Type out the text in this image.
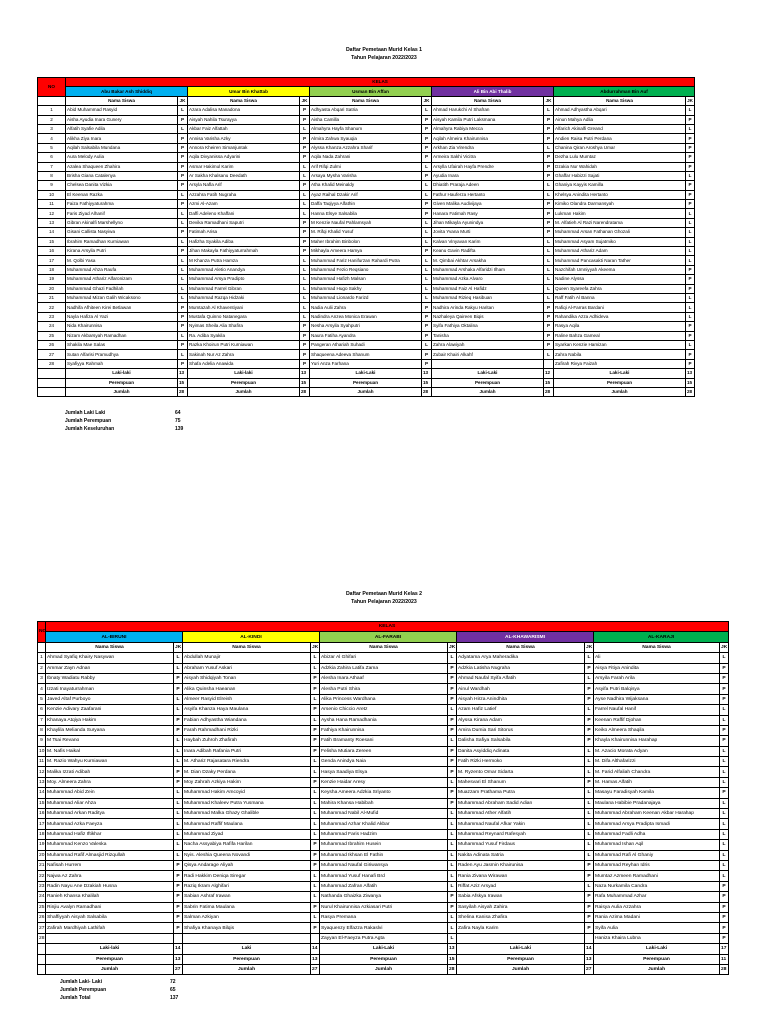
Daftar Pemetaan Murid Kelas 1
Tahun Pelajaran 2022/2023
NO	KELAS									
	Abu Bakar Ash Shiddiq		Umar Bin Khattab		Usman Bin Affan		Ali Bin Abi Thalib		Abdurrahman Bin Auf	
	Nama Siswa	JK	Nama Siswa	JK	Nama Siswa	JK	Nama Siswa	JK	Nama Siswa	JK
1	Abid Muhammad Rasyid	L	Azara Adalisa Manadona	P	Adhyasta Abqari Satria	L	Ahmad Harukchi Al Shafran	L	Ahmad Adhyastha Abqari	L
2	Aisha Ayudia Inara Gunery	P	Aisyah Nahila Tsurayya	P	Aisha Camilla	P	Aisyah Kamila Putri Laksmana	P	Ainun Mahya Adlia	P
3	Alfatih Syafie Adila	L	Akbar Faiz Alfattah	L	Almahyra Hayfa Shanum	P	Almahyra Rabiya Mecca	P	Alfarich Akinalfi Greand	L
4	Alikha Ziya Inara	P	Annisa Varisha Azky	P	Almira Zahwa Syauqia	P	Aqilah Almeira Khairunnisa	P	Andien Raisa Putri Perdana	P
5	Aqilah Salsabila Mundana	P	Annora Kheiren Simanjuntak	P	Alyssa Khanza Azzahra Sharif	P	Arkhan Zia Virendra	L	Chanina Qiran Aroshya Umar	P
6	Aura Melody Aulia	P	Aqila Divyanissa Adyarini	P	Aqila Nada Zahrani	P	Armeira Sakhi Vicitra	P	Dezha Lulu Mumtaz	P
7	Azalea Shaqueen Zhahira	P	Asmar Hakimul Karim	L	Arif Rifqi Zulmi	L	Arsylla Ufairah Hayfa Prendre	P	Dzakia Nur Wahidah	P
8	Brisha Giana Catalenya	P	Ar Sakha Khalsanu Deedath	L	Arsaya Mysha Varisha	P	Ayudia Inara	P	Ghaffar Habizzi Sajati	L
9	Chelsea Danita Vizkia	P	Arsyla Nafla Arif	P	Atha Khalid Meinaldy	L	Dhiatith Praraja Adeen	L	Ghaniya Kayyis Kamilla	P
10	El Keenan Razka	L	Azzahra Fatih Nugraha	L	Ayaz Raihal Dzakir Arif	L	Fathur Hauferza Hertanto	L	Khelsya Anindita Hertanto	P
11	Faiza Fathiyyaturahma	P	Azmi Al-Azam	L	Daffa Taqiyya Alfathin	P	Given Malika Audivijaya	P	Kimiko Olandra Darmansyah	P
12	Faris Ziyad Alhanif	L	Daffi Adeleno Khaffani	L	Hanna Elsye Salsabila	P	Hanara Fatimah Rasy	P	Lukman Hakim	L
13	Gibran Akinalfi Marshellyno	L	Devika Ramadhani Saputri	P	M Kenzie Naufal Pahlamsyah	L	Jihan Mikayla Ayunindya	P	M. Alfatieh Al Razi Narendratama	L
14	Gisani Callista Nasyiwa	P	Fatimah Arisa	P	M. Rifqi Khalid Yusuf	L	Jovita Yvana Murti	P	Muhammad Arsan Fathanan Ghozali	L
15	Ibrahim Ramadhan Kurniawan	L	Hafizha Syakila Adiba	P	Maher Ibrahim Binbolon	L	Kalvan Vinyavan Karim	L	Muhammad Asyam Sujatmiko	L
16	Kirana Arsyila Putri	P	Jihan Makayla Fathiyyaturrahmah	P	Mikhayla Ameera Hamya	P	Keanu Gavin Radifta	L	Muhammad Athariz Adam	L
17	M. Qolbi Yasa	L	M Khanza Putra Hamza	L	Muhammad Fariz Hanifurzan Rahardi Putra	L	M. Qimbai Akhtar Arsakha	L	Muhammad Pancasakti Naran Tather	L
18	Muhammad Ahza Raufa	L	Muhammad Aletio Anandya	L	Muhammad Fezio Reqsiano	L	Muhammad Arshaka Alfaridzi Ilham	L	Nazchifah Umniyyah Akeema	P
19	Muhammad Athariz Alfaronizam	L	Muhammad Arsya Pradipto	L	Muhammad Hafizh Malsan	L	Muhammad Azka Alvaro	L	Nadine Alyssa	P
20	Muhammad Ghazi Fadhilah	L	Muhammad Farrel Gibran	L	Muhammad Hugo Sakhy	L	Muhammad Faiz Al Hafidz	L	Queen Syareefa Zahra	P
21	Muhammad Mizan Galih Wicaksono	L	Muhammad Razqa Hidzaki	L	Muhammad Lionardo Farizd	L	Muhammad Rizieq Hasibuan	L	Raff Fatih Al Banna	L
22	Nadhifa Afhiteen Kirei Betlawan	P	Mumtazah Al Khaventiyani	L	Nadia Aulii Zahra	P	Nadhira Arinda Rakyu Haritan	P	Rafiqi Al-Farras Bardani	L
23	Nayla Hafiza Al Yazi	P	Mustafa Quinno Natanegara	L	Nadindra Anzea Monica Erawan	P	Nazhaleya Qaireen Biqis	P	Rahandika Azza Adhideva	L
24	Nida Khairunnisa	P	Nyimas Sheila Alia Shafira	P	Nesha Arsyila Syahputri	P	Syifa Fathiya Oktalina	P	Rasya Aqila	P
25	Nizam Akbarsyah Ramadhan	L	Ra. Adiba Syakila	P	Naura Fatiha Ayandra	P	Tanisha	P	Raline Bahza Gameal	P
26	Shakila Mae Salas	P	Razka Khoirun Putri Kurniawan	P	Pangeran Athariah Suhadi	L	Zahra Alawiyah	P	Syarkan Kenzie Hamizan	L
27	Sutan Alfarisi Pramudhya	L	Sakinah Nur Az Zahra	P	Shaqueena Adeeva Shanum	P	Zubair Khairi Alkahf	L	Zahra Nabila	P
28	Syafiyya Rahmah	P	Shafa Adelia Anawida	P	Yuri Anza Farhana	P			Zafirah Rivya Faizah	P
	Laki-laki	13	Laki-laki	13	Laki-Laki	13	Laki-Laki	12	Laki-Laki	13
	Perempuan	15	Perempuan	15	Perempuan	15	Perempuan	15	Perempuan	15
	Jumlah	28	Jumlah	28	Jumlah	28	Jumlah	28	Jumlah	28
Jumlah Laki Laki	64
Jumlah Perempuan	75
Jumlah Keseluruhan	139
Daftar Pemetaan Murid Kelas 2
Tahun Pelajaran 2022/2023
NO	KELAS									
	AL-BIRUNI		AL-KINDI		AL-FARABI		AL-KHAWARISMI		AL-KARAJI	
	Nama Siswa	JK	Nama Siswa	JK	Nama Siswa	JK	Nama Siswa	JK	Nama Siswa	JK
1	Ahmad Syafiq Khairy Nasywan	L	Abdullah Munajir	L	Abizar Al Ghifari	L	Adyatama Arya Maheradika	L	Ali	L
2	Ammar Zayn Adnan	L	Abraham Yusuf Askari	L	Adzkia Zahira Latifa Zama	P	Adzkia Latisha Nugraha	P	Aisya Fitiya Anindita	P
3	Ibnaty Wadiatu Rabby	P	Aisyah Shidqiyah Tonan	P	Alesha Inara Athaaf	P	Ahmad Naufal Syifa Alfatih	L	Arsyila Farah Arila	P
4	Izzati Inayaturrahman	P	Alika Quinsha Haeanan	P	Alesha Putri Shira	P	Ainul Wardhah	P	Asyifa Putri Balqisya	P
5	Javed Altaf Purboyo	L	Almeer Rasyid Elreish	L	Alika Princess Wardhana	P	Aisyah Hirza Anindhita	P	Ayse Nadhira Wijaksana	P
6	Kenzie Adivary Zaafarani	L	Asyifa Khanza Haya Maulana	P	Arsenio Chiccio Aretz	L	Azam Hafiz Latief	L	Farrel Naufal Hanif	L
7	Khanaya Atqiya Hakim	P	Fabian Adhyastha Wiandana	L	Aysha Hana Ramadhania	P	Alyssa Kirana Adam	P	Keenan Raffif Djohan	L
8	Khaylila Melianda Suryana	P	Farah Rahmadhani Rizki	P	Fathiya Khairunnisa	P	Amira Dumia Sari Sitorus	P	Keiko Almeera Shaqila	P
9	M Tsai Revano	L	Haybah Zuhroh Zhafirah	P	Fatih Bramanty Roesani	L	Dalisha Safiya Salsabila	P	Khayla Khairunnisa Harahap	P
10	M. Nafis Haikal	L	Inara Adibah Rafania Putri	P	Felisha Mutiara Zereen	P	Danita Asyiddiq Adinata	L	M. Azacio Morata Adyan	L
11	M. Razio Wahyu Kurniawan	L	M. Athariz Rajasatara Riendra	L	Genda Anindya Naia	P	Fatih Rizki Hermoko	L	M. Difa Althafarizzi	L
12	Malika Izzati Adibah	P	M. Dian Dzaky Perdana	L	Hasya Saadiya Elsya	P	M. Ryzento Omar Sidarta	L	M. Farid Alfaliah Chandra	L
13	Moy. Almeera Zahra	P	Moy Zahrah Azkiya Hakim	P	Kenzie Haidar Aresy	L	Mahesvari El Shanum	P	M. Hamas Alfatih	L
14	Muhammad Abid Zein	L	Muhammad Hakim Amcoyid	L	Keysha Ameera Adzkia Sriyanto	P	Muazzam Prathama Putra	L	Masayu Faradisyah Kamila	P
15	Muhammad Aliar Ahza	L	Muhammad Khaleev Putra Yusmana	L	Mahira Khansa Habibah	P	Muhammad Abraham Sadid Adian	L	Maulana Habibie Pradanajaya	L
16	Muhammad Arkan Raditya	L	Muhammad Malka Ghazy Ghalible	L	Muhammad Nabil Al-Mufid	L	Muhammad Ather Alfatih	L	Muhammad Abraham Keenan Akbar Harahap	L
17	Muhammad Azka Faeyza	L	Muhammad Raffif Maulana	L	Muhammad Azhar Khalid Akbar	L	Muhammad Naufal Afkar Yakin	L	Muhammad Arsya Pradipta Ismadi	L
18	Muhammad Hafiz Iftikhar	L	Muhammad Ziyad	L	Muhammad Faris Hadzim	L	Muhammad Reynard Rafesyah	L	Muhammad Fadli Adha	L
19	Muhammad Kenzo Valeska	L	Nacha Assyabiya Rafifa Harilan	P	Muhammad Ibrahim Husein	L	Muhammad Yusuf Firdaus	L	Muhammad Ishan Aqil	L
20	Muhammad Rafif Almasjid Rizqullah	L	Nyis. Aleshia Queena Novandi	P	Muhammad Ikhsan El Fathin	L	Nakita Adinata Satria	L	Muhammad Rafi Al Ghaniy	L
21	Nafisah Hurrem	P	Qisya Andarage Aliyah	P	Muhammad Naufal Giriwansya	L	Raden Ayu Jasmin Khairunisa	P	Muhammad Reyhan Idris	L
22	Najwa Az Zahra	P	Radi Hakkim Deniqa Siregar	L	Muhammad Yusuf Hanafi Brd	L	Rania Zivana Wirawan	P	Mumtaz Azmeen Ramadhani	L
23	Radin Nayu Ane Dzakiah Husna	P	Raziq Ikram Alghifari	L	Muhammad Zafran Alfatih	L	Riffat Aziz Arsyad	L	Naza Nurkamila Candra	P
24	Ranieh Khansa Khalilah	P	Sabian Ashraf Irawan	L	Nathanda Ghaizka Ziwanya	P	Sabia Afskya Irawan	P	Rafa Muhammad Azhar	P
25	Rinjiu Avalyn Ramadhani	P	Sabrin Fatima Maulana	P	Nurul Khairunnisa Azkiasari Putri	P	Sasyilah Aisyah Zahira	P	Raisya Aulia Azzahra	P
26	Shaffiyyah Aisyah Salsabila	P	Salman Azkiyan	L	Rasya Premana	L	Shelina Kanisa Zhafira	P	Rania Azima Madani	P
27	Zafirah Mardhiyah Lathifah	P	Shafiya Khanaya Bilqis	P	Syaquenzy Elfazza Rakaslvi	L	Zafira Nayla Karim	P	Syifa Aulia	P
28					Zayyan El-Faeyza Putra Agta	L			Haniza Khaira Lubna	P
	Laki-laki	14	Laki	14	Laki-Laki	13	Laki-Laki	14	Laki-Laki	17
	Perempuan	13	Perempuan	13	Perempuan	15	Perempuan	13	Perempuan	11
	Jumlah	27	Jumlah	27	Jumlah	28	Jumlah	27	Jumlah	28
Jumlah Laki- Laki	72
Jumlah Perempuan	65
Jumlah Total	137
